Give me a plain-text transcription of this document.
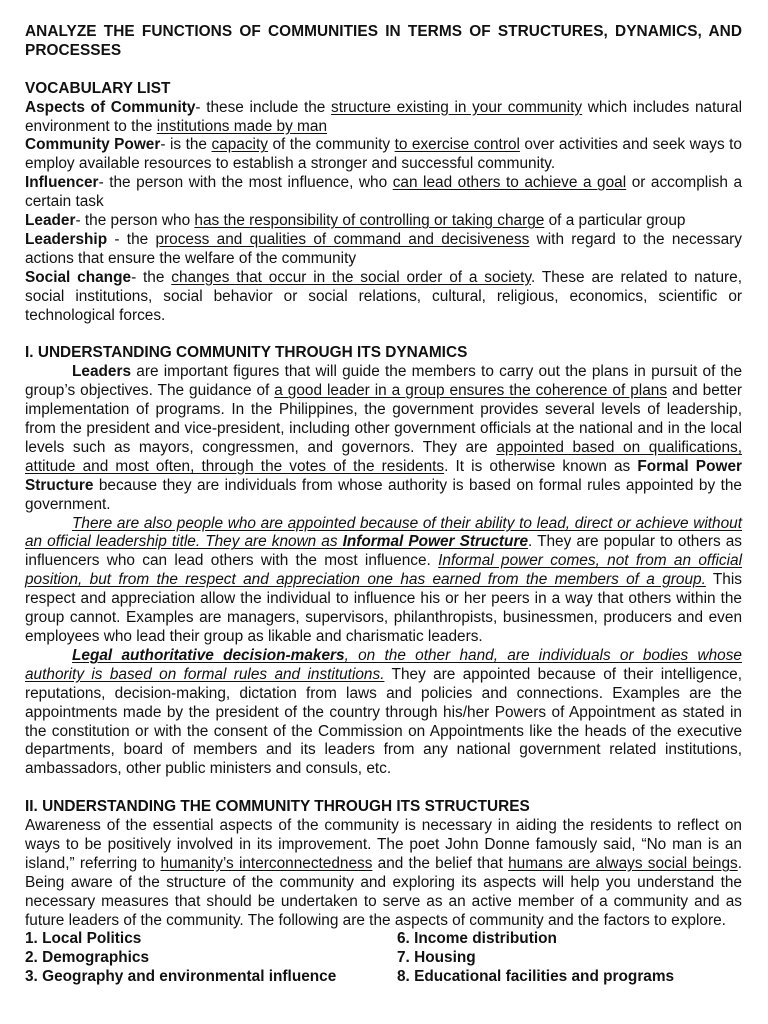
ANALYZE THE FUNCTIONS OF COMMUNITIES IN TERMS OF STRUCTURES, DYNAMICS, AND PROCESSES

VOCABULARY LIST

Aspects of Community- these include the structure existing in your community which includes natural environment to the institutions made by man

Community Power- is the capacity of the community to exercise control over activities and seek ways to employ available resources to establish a stronger and successful community.

Influencer- the person with the most influence, who can lead others to achieve a goal or accomplish a certain task

Leader- the person who has the responsibility of controlling or taking charge of a particular group

Leadership - the process and qualities of command and decisiveness with regard to the necessary actions that ensure the welfare of the community

Social change- the changes that occur in the social order of a society. These are related to nature, social institutions, social behavior or social relations, cultural, religious, economics, scientific or technological forces.

I. UNDERSTANDING COMMUNITY THROUGH ITS DYNAMICS

Leaders are important figures that will guide the members to carry out the plans in pursuit of the group’s objectives. The guidance of a good leader in a group ensures the coherence of plans and better implementation of programs. In the Philippines, the government provides several levels of leadership, from the president and vice-president, including other government officials at the national and in the local levels such as mayors, congressmen, and governors. They are appointed based on qualifications, attitude and most often, through the votes of the residents. It is otherwise known as Formal Power Structure because they are individuals from whose authority is based on formal rules appointed by the government.

There are also people who are appointed because of their ability to lead, direct or achieve without an official leadership title. They are known as Informal Power Structure. They are popular to others as influencers who can lead others with the most influence. Informal power comes, not from an official position, but from the respect and appreciation one has earned from the members of a group. This respect and appreciation allow the individual to influence his or her peers in a way that others within the group cannot. Examples are managers, supervisors, philanthropists, businessmen, producers and even employees who lead their group as likable and charismatic leaders.

Legal authoritative decision-makers, on the other hand, are individuals or bodies whose authority is based on formal rules and institutions. They are appointed because of their intelligence, reputations, decision-making, dictation from laws and policies and connections. Examples are the appointments made by the president of the country through his/her Powers of Appointment as stated in the constitution or with the consent of the Commission on Appointments like the heads of the executive departments, board of members and its leaders from any national government related institutions, ambassadors, other public ministers and consuls, etc.

II. UNDERSTANDING THE COMMUNITY THROUGH ITS STRUCTURES

Awareness of the essential aspects of the community is necessary in aiding the residents to reflect on ways to be positively involved in its improvement. The poet John Donne famously said, “No man is an island,” referring to humanity’s interconnectedness and the belief that humans are always social beings. Being aware of the structure of the community and exploring its aspects will help you understand the necessary measures that should be undertaken to serve as an active member of a community and as future leaders of the community. The following are the aspects of community and the factors to explore.

1. Local Politics
2. Demographics
3. Geography and environmental influence
6. Income distribution
7. Housing
8. Educational facilities and programs
